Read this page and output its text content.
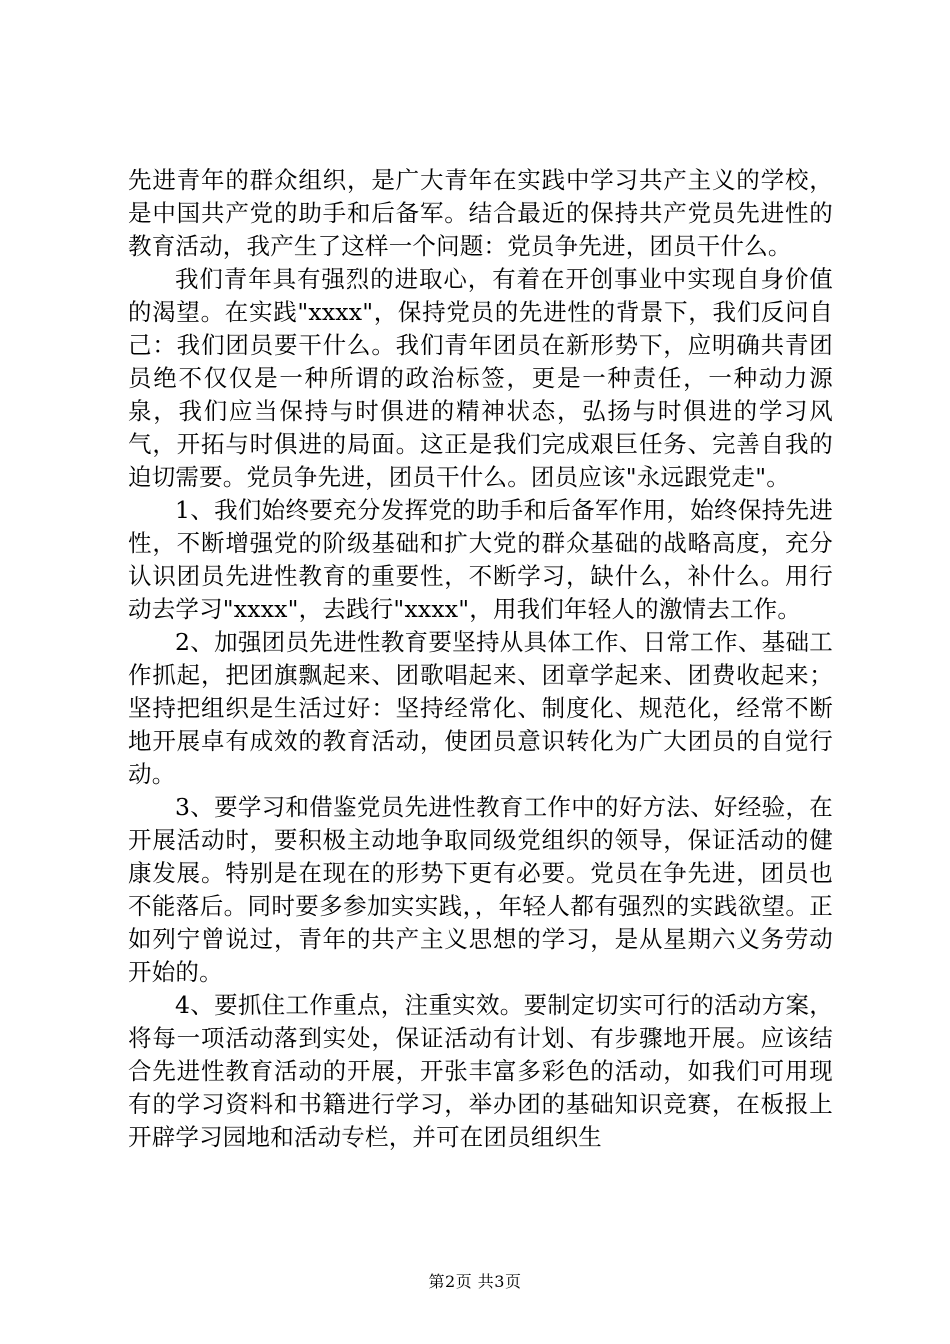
先进青年的群众组织，是广大青年在实践中学习共产主义的学校，是中国共产党的助手和后备军。结合最近的保持共产党员先进性的教育活动，我产生了这样一个问题：党员争先进，团员干什么。

我们青年具有强烈的进取心，有着在开创事业中实现自身价值的渴望。在实践"xxxx"，保持党员的先进性的背景下，我们反问自己：我们团员要干什么。我们青年团员在新形势下，应明确共青团员绝不仅仅是一种所谓的政治标签，更是一种责任，一种动力源泉，我们应当保持与时俱进的精神状态，弘扬与时俱进的学习风气，开拓与时俱进的局面。这正是我们完成艰巨任务、完善自我的迫切需要。党员争先进，团员干什么。团员应该"永远跟党走"。

1、我们始终要充分发挥党的助手和后备军作用，始终保持先进性，不断增强党的阶级基础和扩大党的群众基础的战略高度，充分认识团员先进性教育的重要性，不断学习，缺什么，补什么。用行动去学习"xxxx"，去践行"xxxx"，用我们年轻人的激情去工作。

2、加强团员先进性教育要坚持从具体工作、日常工作、基础工作抓起，把团旗飘起来、团歌唱起来、团章学起来、团费收起来；坚持把组织是生活过好：坚持经常化、制度化、规范化，经常不断地开展卓有成效的教育活动，使团员意识转化为广大团员的自觉行动。

3、要学习和借鉴党员先进性教育工作中的好方法、好经验，在开展活动时，要积极主动地争取同级党组织的领导，保证活动的健康发展。特别是在现在的形势下更有必要。党员在争先进，团员也不能落后。同时要多参加实实践，，年轻人都有强烈的实践欲望。正如列宁曾说过，青年的共产主义思想的学习，是从星期六义务劳动开始的。

4、要抓住工作重点，注重实效。要制定切实可行的活动方案，将每一项活动落到实处，保证活动有计划、有步骤地开展。应该结合先进性教育活动的开展，开张丰富多彩色的活动，如我们可用现有的学习资料和书籍进行学习，举办团的基础知识竞赛，在板报上开辟学习园地和活动专栏，并可在团员组织生

第2页 共3页
